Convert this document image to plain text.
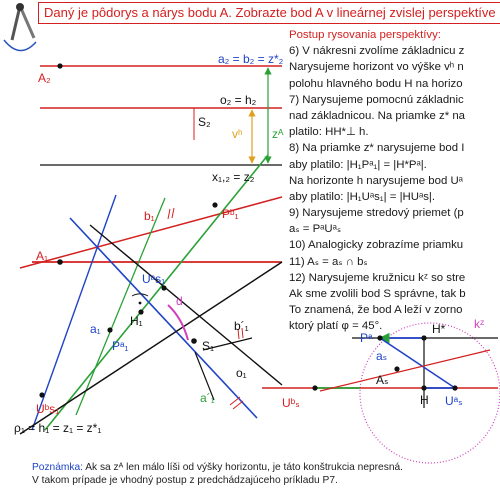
Daný je pôdorys a nárys bodu A. Zobrazte bod A v lineárnej zvislej perspektíve
A₂
a₂ = b₂ = z*₂
o₂ = h₂
S₂
vʰ zᴬ
x₁,₂ = z₂
b₁	Pᵇ₁
A₁
Uᵃs₁
a₁
H₁
Pᵃ₁
d
b´₁
S₁
o₁
a´₁
Uᵇs₁
ρ₁ = h₁ = z₁ = z*₁
Pᵃ
H* kᶻ
aₛ
Aₛ
Uᵇₛ	H Uᵃₛ
Postup rysovania perspektívy:
6) V nákresni zvolíme základnicu z
Narysujeme horizont vo výške vʰ n
polohu hlavného bodu H na horizo
7) Narysujeme pomocnú základnic
nad základnicou. Na priamke z* na
platilo: HH*⊥ h.
8) Na priamke z* narysujeme bod I
aby platilo: |H₁Pᵃ₁| = |H*Pᵃ|.
Na horizonte h narysujeme bod Uᵃ
aby platilo: |H₁Uᵃs₁| = |HUᵃs|.
9) Narysujeme stredový priemet (p
aₛ = PᵃUᵃₛ
10) Analogicky zobrazíme priamku
11) Aₛ = aₛ ∩ bₛ
12) Narysujeme kružnicu kᶻ so stre
Ak sme zvolili bod S správne, tak b
To znamená, že bod A leží v zorno
ktorý platí φ = 45°.
Poznámka: Ak sa zᴬ len málo líši od výšky horizontu, je táto konštrukcia nepresná.
V takom prípade je vhodný postup z predchádzajúceho príkladu P7.
